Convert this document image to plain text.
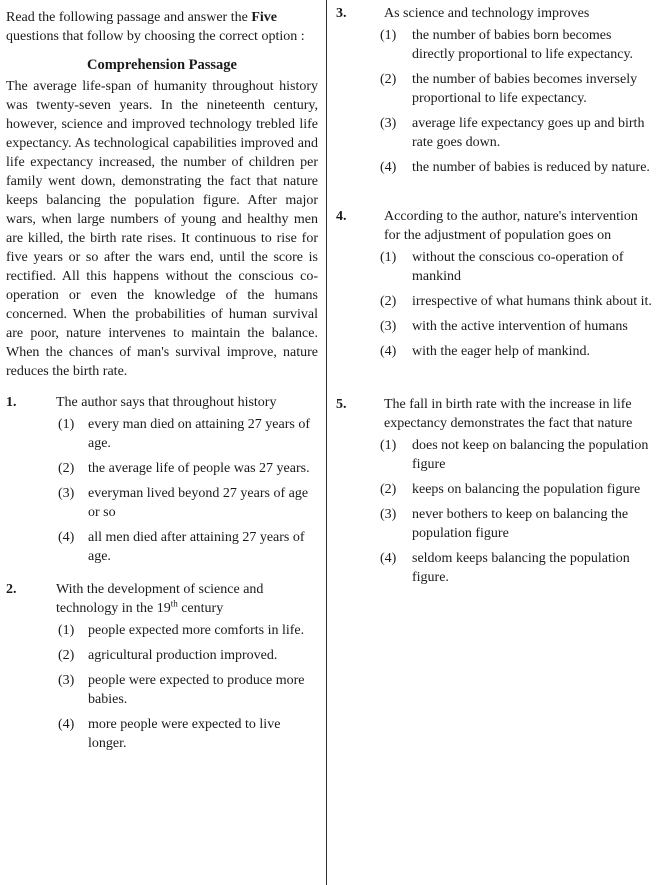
Read the following passage and answer the Five questions that follow by choosing the correct option :
Comprehension Passage
The average life-span of humanity throughout history was twenty-seven years. In the nineteenth century, however, science and improved technology trebled life expectancy. As technological capabilities improved and life expectancy increased, the number of children per family went down, demonstrating the fact that nature keeps balancing the population figure. After major wars, when large numbers of young and healthy men are killed, the birth rate rises. It continuous to rise for five years or so after the wars end, until the score is rectified. All this happens without the conscious co-operation or even the knowledge of the humans concerned. When the probabilities of human survival are poor, nature intervenes to maintain the balance. When the chances of man's survival improve, nature reduces the birth rate.
1.	The author says that throughout history
(1) every man died on attaining 27 years of age.
(2) the average life of people was 27 years.
(3) everyman lived beyond 27 years of age or so
(4) all men died after attaining 27 years of age.
2.	With the development of science and technology in the 19th century
(1) people expected more comforts in life.
(2) agricultural production improved.
(3) people were expected to produce more babies.
(4) more people were expected to live longer.
3.	As science and technology improves
(1) the number of babies born becomes directly proportional to life expectancy.
(2) the number of babies becomes inversely proportional to life expectancy.
(3) average life expectancy goes up and birth rate goes down.
(4) the number of babies is reduced by nature.
4.	According to the author, nature's intervention for the adjustment of population goes on
(1) without the conscious co-operation of mankind
(2) irrespective of what humans think about it.
(3) with the active intervention of humans
(4) with the eager help of mankind.
5.	The fall in birth rate with the increase in life expectancy demonstrates the fact that nature
(1) does not keep on balancing the population figure
(2) keeps on balancing the population figure
(3) never bothers to keep on balancing the population figure
(4) seldom keeps balancing the population figure.
